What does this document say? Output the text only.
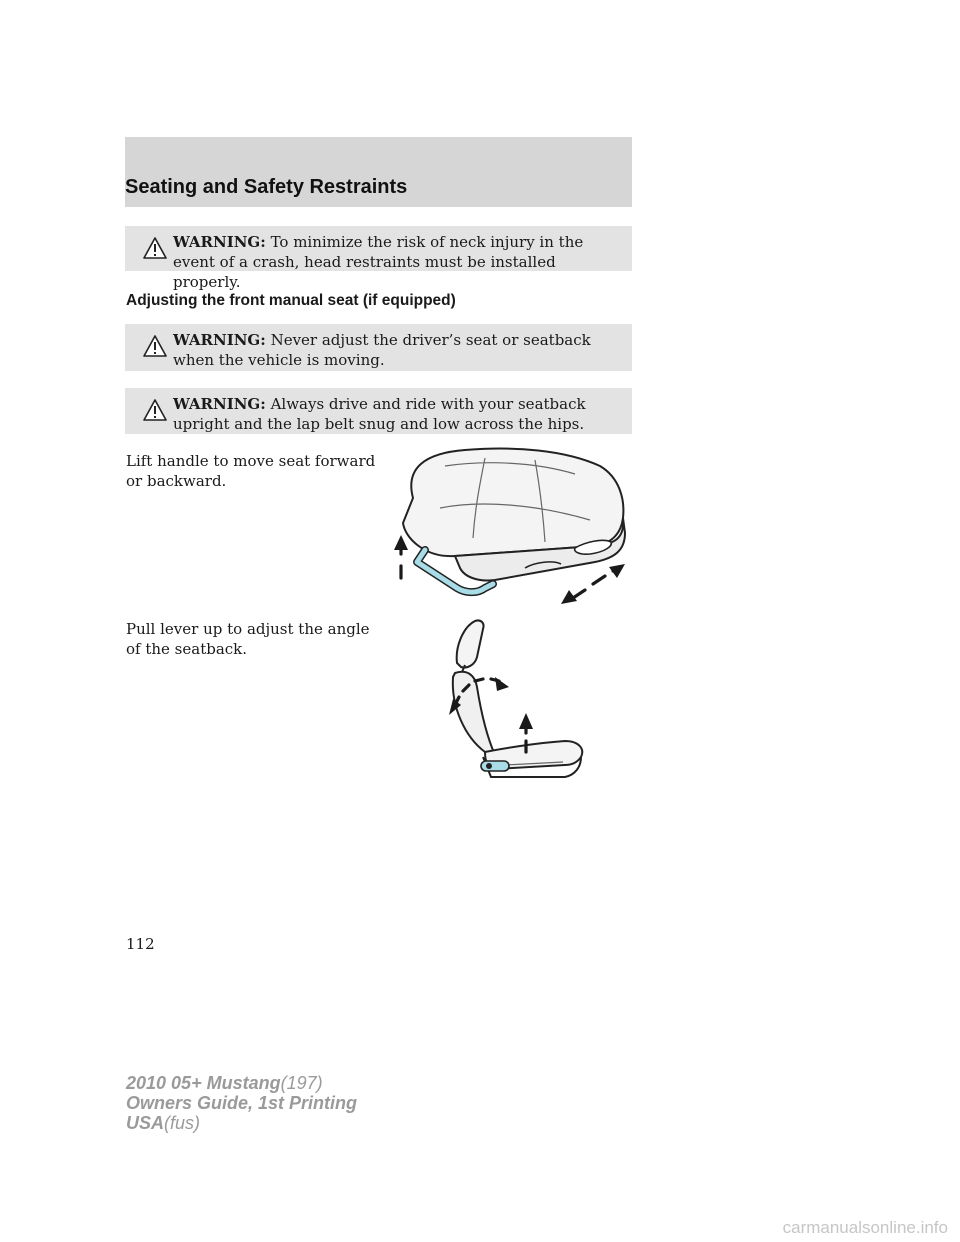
Seating and Safety Restraints
WARNING: To minimize the risk of neck injury in the event of a crash, head restraints must be installed properly.
Adjusting the front manual seat (if equipped)
WARNING: Never adjust the driver’s seat or seatback when the vehicle is moving.
WARNING: Always drive and ride with your seatback upright and the lap belt snug and low across the hips.
Lift handle to move seat forward or backward.
Pull lever up to adjust the angle of the seatback.
112
2010 05+ Mustang(197)
Owners Guide, 1st Printing
USA(fus)
carmanualsonline.info
